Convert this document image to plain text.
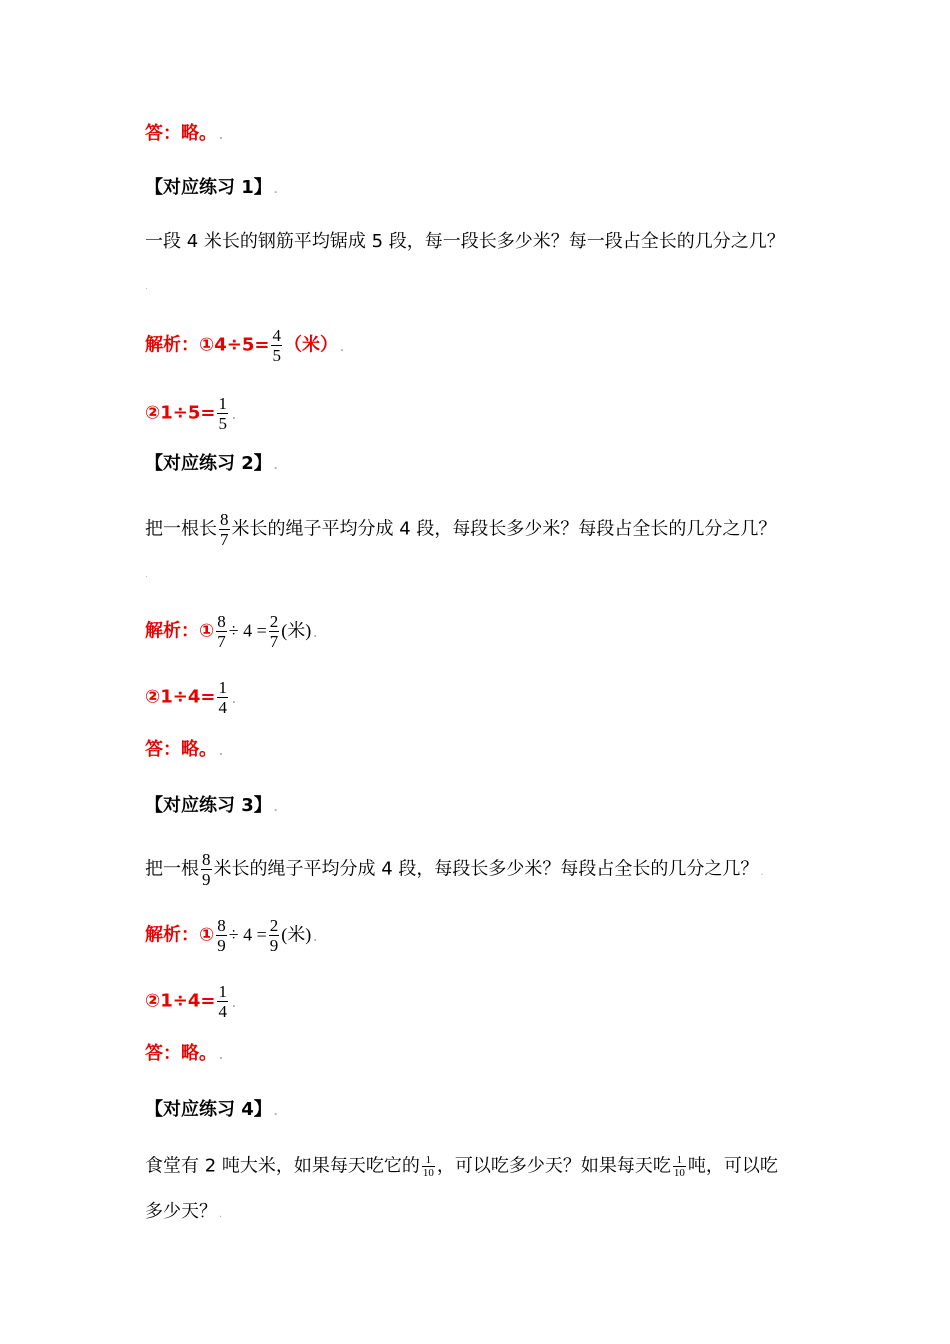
答：略。 .
【对应练习 1】 .
一段 4 米长的钢筋平均锯成 5 段，每一段长多少米？每一段占全长的几分之几？
.
解析：①4÷5= $\frac{4}{5}$ （米） .
②1÷5= $\frac{1}{5}$ .
【对应练习 2】 .
把一根长 $\frac{8}{7}$ 米长的绳子平均分成 4 段，每段长多少米？每段占全长的几分之几？
.
解析：① $\frac{8}{7} \div 4 = \frac{2}{7}$ (米) .
②1÷4= $\frac{1}{4}$ .
答：略。 .
【对应练习 3】 .
把一根 $\frac{8}{9}$ 米长的绳子平均分成 4 段，每段长多少米？每段占全长的几分之几？ .
解析：① $\frac{8}{9} \div 4 = \frac{2}{9}$ (米) .
②1÷4= $\frac{1}{4}$ .
答：略。 .
【对应练习 4】 .
食堂有 2 吨大米，如果每天吃它的 $\frac{1}{10}$ ，可以吃多少天？如果每天吃 $\frac{1}{10}$ 吨，可以吃
多少天？ .
